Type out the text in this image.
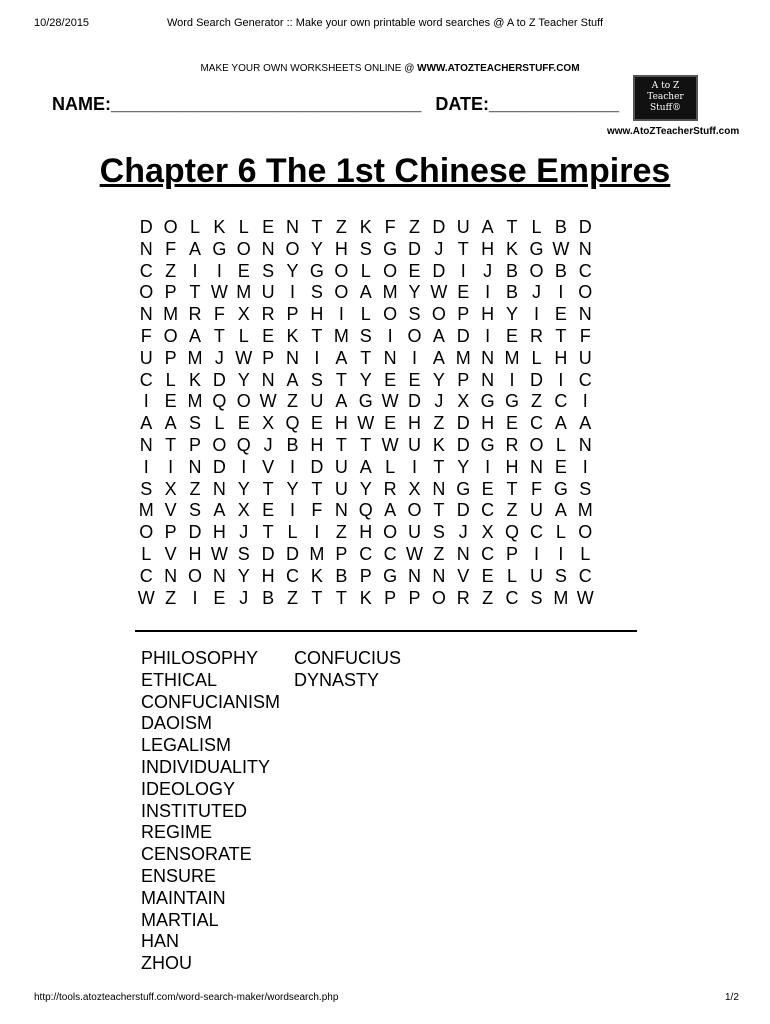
10/28/2015	Word Search Generator :: Make your own printable word searches @ A to Z Teacher Stuff
MAKE YOUR OWN WORKSHEETS ONLINE @ WWW.ATOZTEACHERSTUFF.COM
NAME:_______________________________ DATE:_____________
A to Z
Teacher
Stuff®
www.AtoZTeacherStuff.com
Chapter 6 The 1st Chinese Empires
D O L K L E N T Z K F Z D U A T L B D
N F A G O N O Y H S G D J T H K G W N
C Z I	I E S Y G O L O E D I J B O B C
O P T W M U I S O A M Y W E I B J I O
N M R F X R P H I L O S O P H Y I E N
F O A T L E K T M S I O A D I E R T F
U P M J W P N I A T N I A M N M L H U
C L K D Y N A S T Y E E Y P N I D I C
I E M Q O W Z U A G W D J X G G Z C I
A A S L E X Q E H W E H Z D H E C A A
N T P O Q J B H T T W U K D G R O L N
I	I N D I V I D U A L I T Y I H N E I
S X Z N Y T Y T U Y R X N G E T F G S
M V S A X E I F N Q A O T D C Z U A M
O P D H J T L I Z H O U S J X Q C L O
L V H W S D D M P C C W Z N C P I	I L
C N O N Y H C K B P G N N V E L U S C
W Z I E J B Z T T K P P O R Z C S M W
PHILOSOPHY
ETHICAL
CONFUCIANISM
DAOISM
LEGALISM
INDIVIDUALITY
IDEOLOGY
INSTITUTED
REGIME
CENSORATE
ENSURE
MAINTAIN
MARTIAL
HAN
ZHOU
CONFUCIUS
DYNASTY
http://tools.atozteacherstuff.com/word-search-maker/wordsearch.php	1/2
